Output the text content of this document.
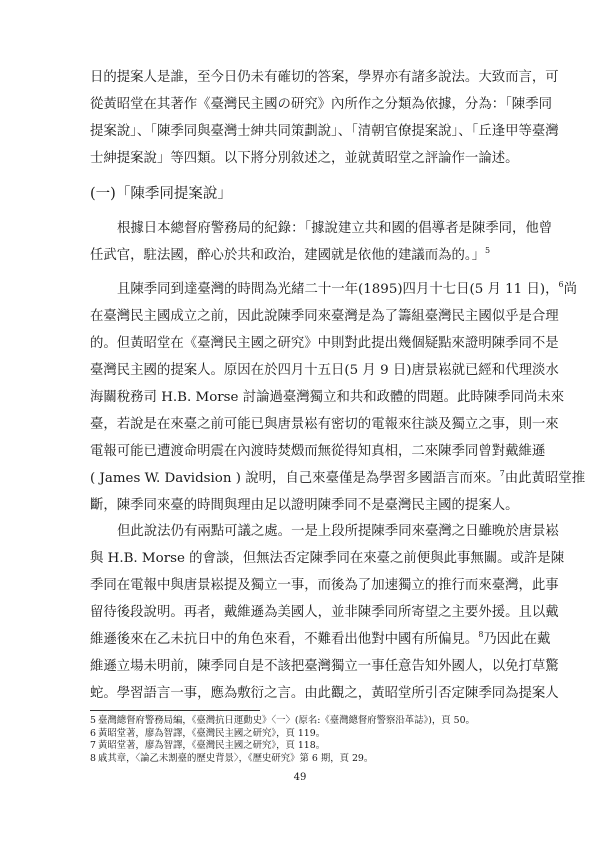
日的提案人是誰，至今日仍未有確切的答案，學界亦有諸多說法。大致而言，可
從黃昭堂在其著作《臺灣民主國の研究》內所作之分類為依據，分為：「陳季同
提案說」、「陳季同與臺灣士紳共同策劃說」、「清朝官僚提案說」、「丘逢甲等臺灣
士紳提案說」等四類。以下將分別敘述之，並就黃昭堂之評論作一論述。
(一)「陳季同提案說」
根據日本總督府警務局的紀錄：「據說建立共和國的倡導者是陳季同，他曾
任武官，駐法國，醉心於共和政治，建國就是依他的建議而為的。」$^5$
且陳季同到達臺灣的時間為光緒二十一年(1895)四月十七日(5 月 11 日)，$^6$尚
在臺灣民主國成立之前，因此說陳季同來臺灣是為了籌組臺灣民主國似乎是合理
的。但黃昭堂在《臺灣民主國之研究》中則對此提出幾個疑點來證明陳季同不是
臺灣民主國的提案人。原因在於四月十五日(5 月 9 日)唐景崧就已經和代理淡水
海關稅務司 H.B. Morse 討論過臺灣獨立和共和政體的問題。此時陳季同尚未來
臺，若說是在來臺之前可能已與唐景崧有密切的電報來往談及獨立之事，則一來
電報可能已遭渡命明震在內渡時焚燬而無從得知真相，二來陳季同曾對戴維遜
( James W. Davidsion ) 說明，自己來臺僅是為學習多國語言而來。$^7$由此黃昭堂推
斷，陳季同來臺的時間與理由足以證明陳季同不是臺灣民主國的提案人。
但此說法仍有兩點可議之處。一是上段所提陳季同來臺灣之日雖晚於唐景崧
與 H.B. Morse 的會談，但無法否定陳季同在來臺之前便與此事無關。或許是陳
季同在電報中與唐景崧提及獨立一事，而後為了加速獨立的推行而來臺灣，此事
留待後段說明。再者，戴維遜為美國人，並非陳季同所寄望之主要外援。且以戴
維遜後來在乙未抗日中的角色來看，不難看出他對中國有所偏見。$^8$乃因此在戴
維遜立場未明前，陳季同自是不該把臺灣獨立一事任意告知外國人，以免打草驚
蛇。學習語言一事，應為敷衍之言。由此觀之，黃昭堂所引否定陳季同為提案人
5 臺灣總督府警務局編，《臺灣抗日運動史》〈一〉(原名:《臺灣總督府警察沿革誌》)，頁 50。
6 黃昭堂著，廖為智譯，《臺灣民主國之研究》，頁 119。
7 黃昭堂著，廖為智譯，《臺灣民主國之研究》，頁 118。
8 戚其章，〈論乙未割臺的歷史背景〉，《歷史研究》第 6 期，頁 29。
49
